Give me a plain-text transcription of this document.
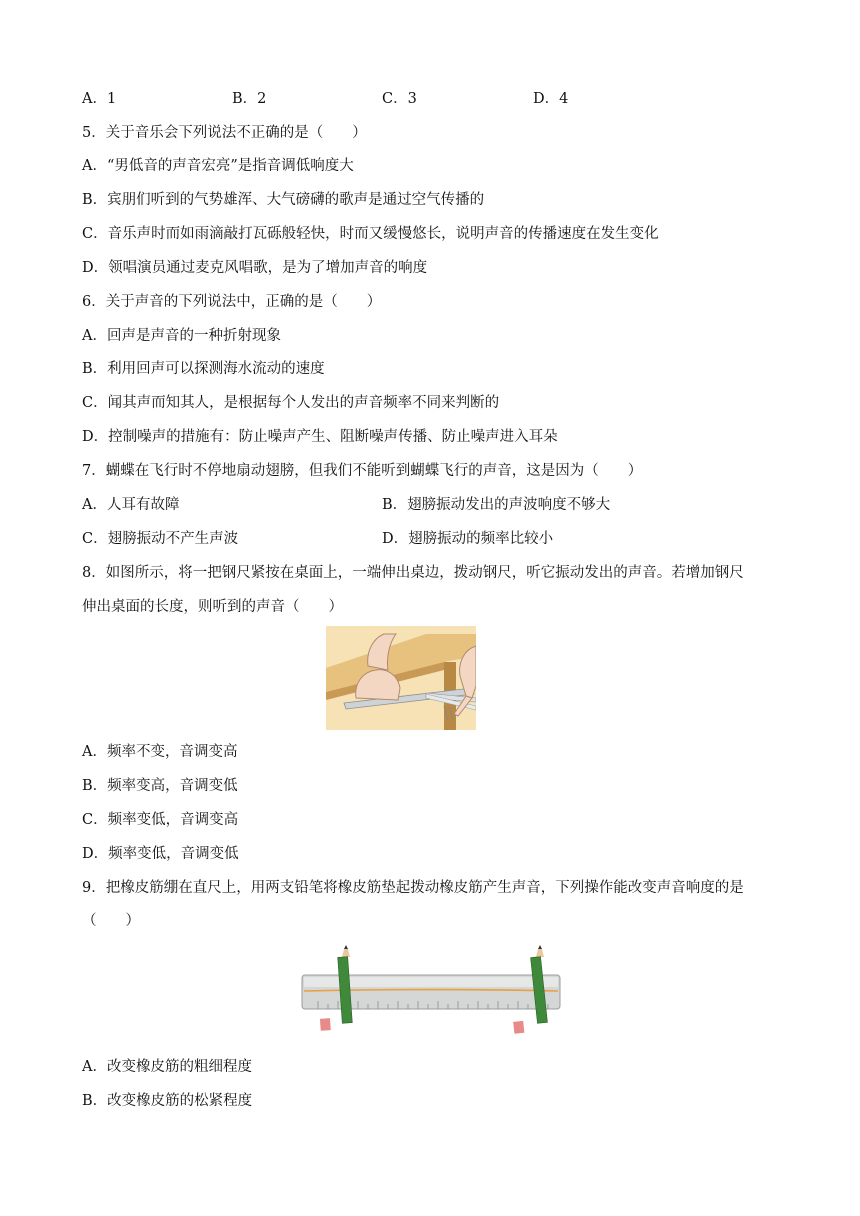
A．1	B．2	C．3	D．4
5．关于音乐会下列说法不正确的是（　　）
A．“男低音的声音宏亮”是指音调低响度大
B．宾朋们听到的气势雄浑、大气磅礴的歌声是通过空气传播的
C．音乐声时而如雨滴敲打瓦砾般轻快，时而又缓慢悠长，说明声音的传播速度在发生变化
D．领唱演员通过麦克风唱歌，是为了增加声音的响度
6．关于声音的下列说法中，正确的是（　　）
A．回声是声音的一种折射现象
B．利用回声可以探测海水流动的速度
C．闻其声而知其人，是根据每个人发出的声音频率不同来判断的
D．控制噪声的措施有：防止噪声产生、阻断噪声传播、防止噪声进入耳朵
7．蝴蝶在飞行时不停地扇动翅膀，但我们不能听到蝴蝶飞行的声音，这是因为（　　）
A．人耳有故障	B．翅膀振动发出的声波响度不够大
C．翅膀振动不产生声波	D．翅膀振动的频率比较小
8．如图所示，将一把钢尺紧按在桌面上，一端伸出桌边，拨动钢尺，听它振动发出的声音。若增加钢尺
伸出桌面的长度，则听到的声音（　　）
A．频率不变，音调变高
B．频率变高，音调变低
C．频率变低，音调变高
D．频率变低，音调变低
9．把橡皮筋绷在直尺上，用两支铅笔将橡皮筋垫起拨动橡皮筋产生声音，下列操作能改变声音响度的是
（　　）
A．改变橡皮筋的粗细程度
B．改变橡皮筋的松紧程度
